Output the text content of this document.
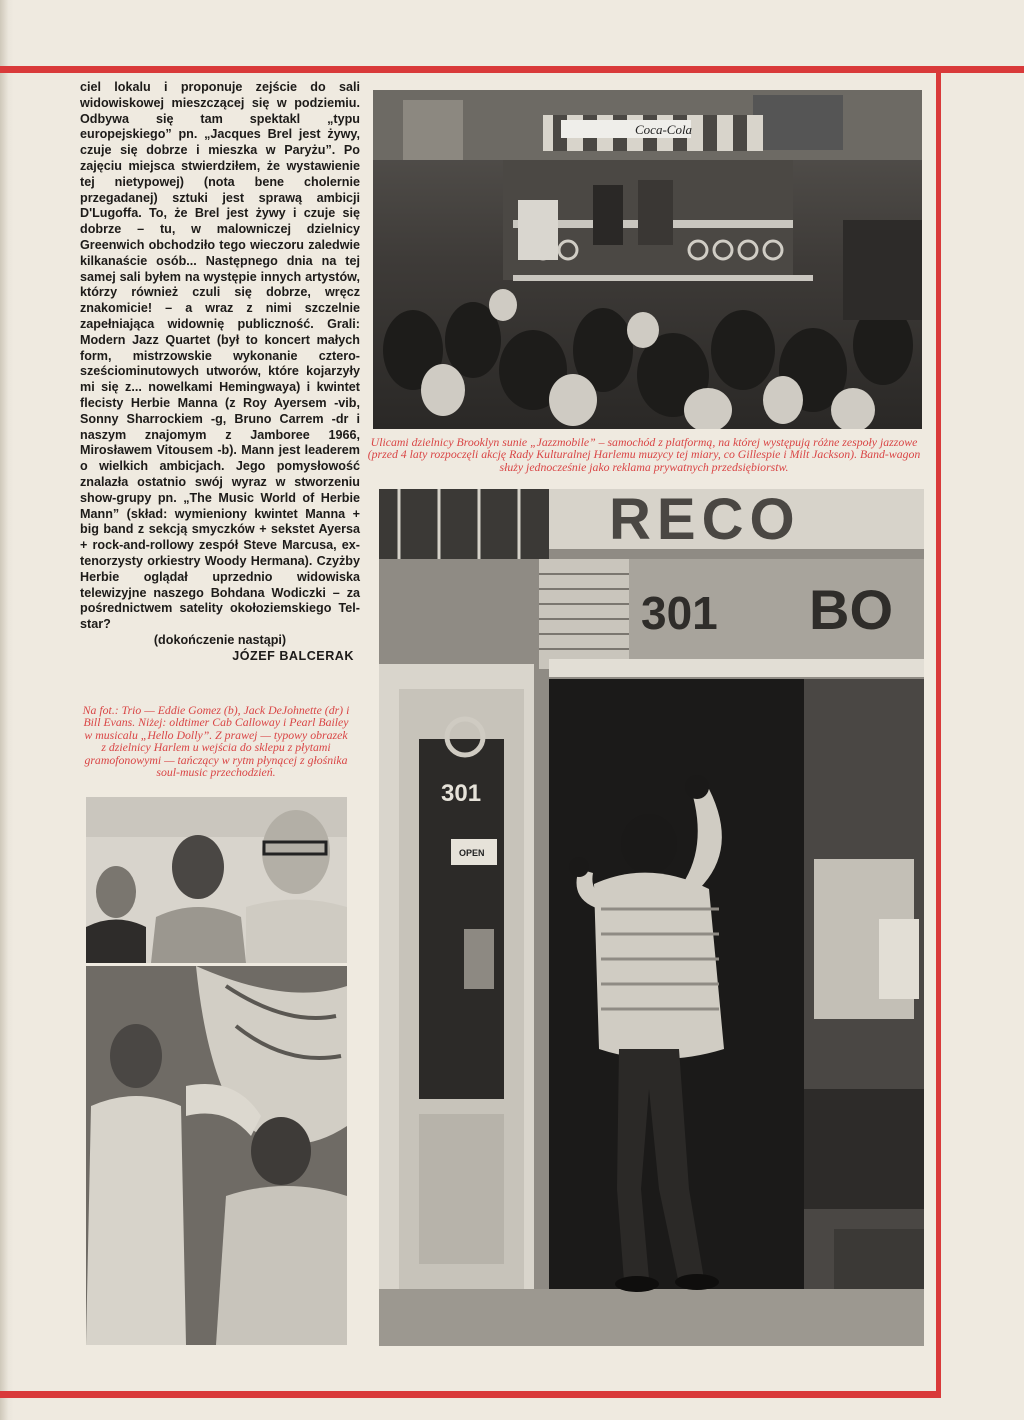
ciel lokalu i proponuje zejście do sali widowiskowej mieszczącej się w podziemiu. Odbywa się tam spektakl „typu europejskiego” pn. „Jacques Brel jest żywy, czuje się dobrze i mieszka w Paryżu”. Po zajęciu miejsca stwierdziłem, że wystawienie tej nietypowej) (nota bene cholernie przegadanej) sztuki jest sprawą ambicji D'Lugoffa. To, że Brel jest żywy i czuje się dobrze – tu, w malowniczej dzielnicy Greenwich obchodziło tego wieczoru zaledwie kilkanaście osób... Następnego dnia na tej samej sali byłem na występie innych artystów, którzy również czuli się dobrze, wręcz znakomicie! – a wraz z nimi szczelnie zapełniająca widownię publiczność. Grali: Modern Jazz Quartet (był to koncert małych form, mistrzowskie wykonanie cztero-sześciominutowych utworów, które kojarzyły mi się z... nowelkami Hemingwaya) i kwintet flecisty Herbie Manna (z Roy Ayersem -vib, Sonny Sharrockiem -g, Bruno Carrem -dr i naszym znajomym z Jamboree 1966, Mirosławem Vitousem -b). Mann jest leaderem o wielkich ambicjach. Jego pomysłowość znalazła ostatnio swój wyraz w stworzeniu show-grupy pn. „The Music World of Herbie Mann” (skład: wymieniony kwintet Manna + big band z sekcją smyczków + sekstet Ayersa + rock-and-rollowy zespół Steve Marcusa, ex-tenorzysty orkiestry Woody Hermana). Czyżby Herbie oglądał uprzednio widowiska telewizyjne naszego Bohdana Wodiczki – za pośrednictwem satelity okołoziemskiego Tel-star?

(dokończenie nastąpi)

JÓZEF BALCERAK

Coca-Cola
Ulicami dzielnicy Brooklyn sunie „Jazzmobile” – samochód z platformą, na której występują różne zespoły jazzowe (przed 4 laty rozpoczęli akcję Rady Kulturalnej Harlemu muzycy tej miary, co Gillespie i Milt Jackson). Band-wagon służy jednocześnie jako reklama prywatnych przedsiębiorstw.
RECO
301 BO
301
OPEN
Na fot.: Trio — Eddie Gomez (b), Jack DeJohnette (dr) i Bill Evans. Niżej: oldtimer Cab Calloway i Pearl Bailey w musicalu „Hello Dolly”. Z prawej — typowy obrazek z dzielnicy Harlem u wejścia do sklepu z płytami gramofonowymi — tańczący w rytm płynącej z głośnika soul-music przechodzień.
